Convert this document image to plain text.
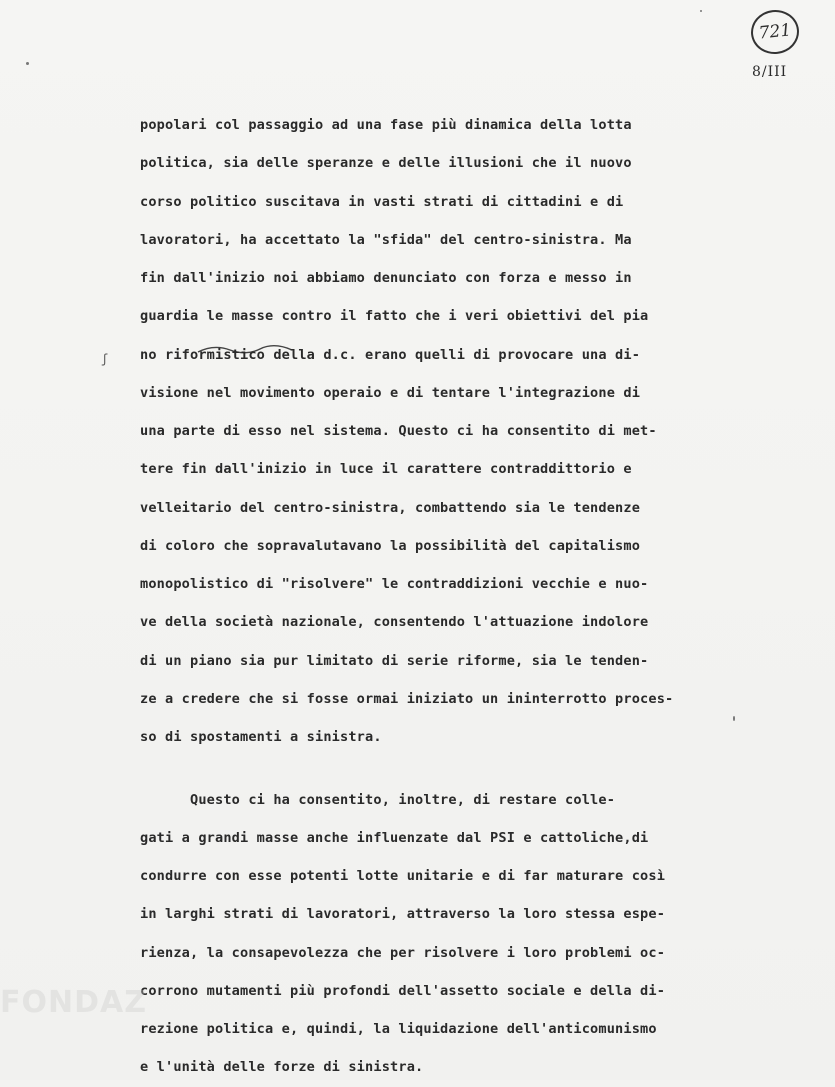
721
8/III
ʃ
popolari col passaggio ad una fase più dinamica della lotta
politica, sia delle speranze e delle illusioni che il nuovo
corso politico suscitava in vasti strati di cittadini e di
lavoratori, ha accettato la "sfida" del centro-sinistra. Ma
fin dall'inizio noi abbiamo denunciato con forza e messo in
guardia le masse contro il fatto che i veri obiettivi del pia
no riformistico della d.c. erano quelli di provocare una di-
visione nel movimento operaio e di tentare l'integrazione di
una parte di esso nel sistema. Questo ci ha consentito di met-
tere fin dall'inizio in luce il carattere contraddittorio e
velleitario del centro-sinistra, combattendo sia le tendenze
di coloro che sopravalutavano la possibilità del capitalismo
monopolistico di "risolvere" le contraddizioni vecchie e nuo-
ve della società nazionale, consentendo l'attuazione indolore
di un piano sia pur limitato di serie riforme, sia le tenden-
ze a credere che si fosse ormai iniziato un ininterrotto proces-
so di spostamenti a sinistra.
Questo ci ha consentito, inoltre, di restare colle-
gati a grandi masse anche influenzate dal PSI e cattoliche,di
condurre con esse potenti lotte unitarie e di far maturare così
in larghi strati di lavoratori, attraverso la loro stessa espe-
rienza, la consapevolezza che per risolvere i loro problemi oc-
corrono mutamenti più profondi dell'assetto sociale e della di-
rezione politica e, quindi, la liquidazione dell'anticomunismo
e l'unità delle forze di sinistra.
FONDAZ
